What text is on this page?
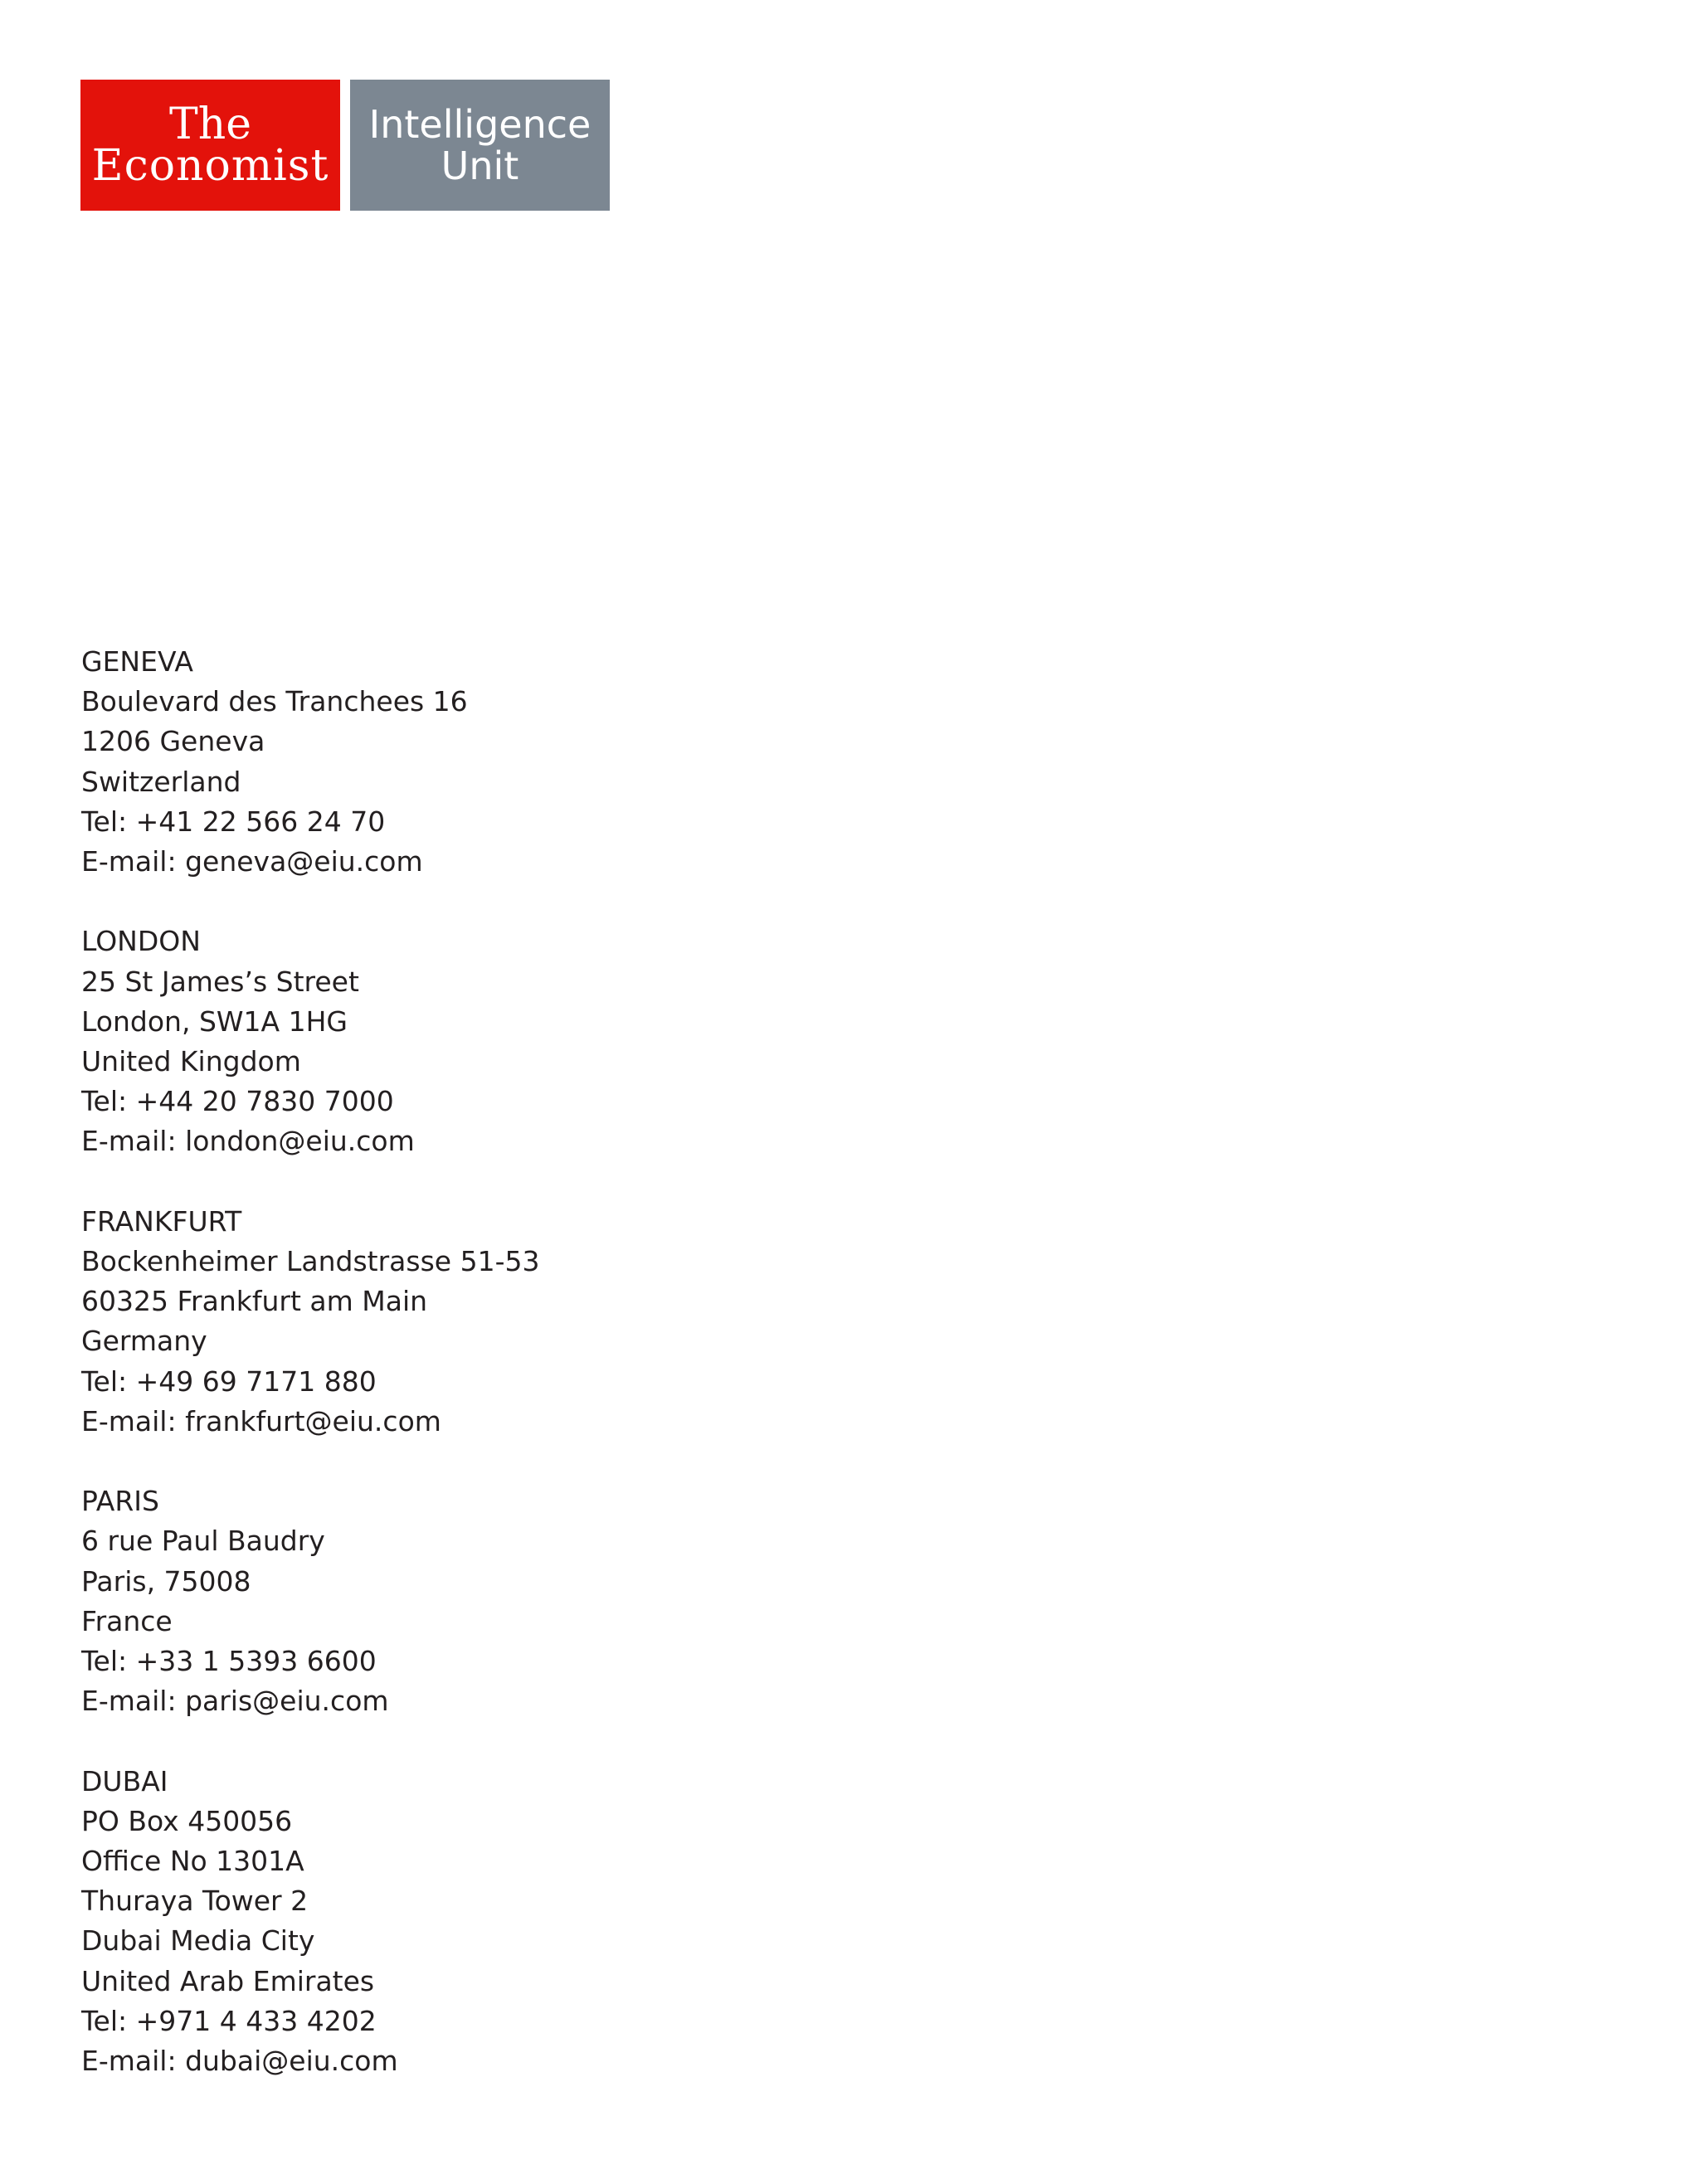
The
Economist
Intelligence
Unit
GENEVA
Boulevard des Tranchees 16
1206 Geneva
Switzerland
Tel: +41 22 566 24 70
E-mail: geneva@eiu.com
LONDON
25 St James’s Street
London, SW1A 1HG
United Kingdom
Tel: +44 20 7830 7000
E-mail: london@eiu.com
FRANKFURT
Bockenheimer Landstrasse 51-53
60325 Frankfurt am Main
Germany
Tel: +49 69 7171 880
E-mail: frankfurt@eiu.com
PARIS
6 rue Paul Baudry
Paris, 75008
France
Tel: +33 1 5393 6600
E-mail: paris@eiu.com
DUBAI
PO Box 450056
Office No 1301A
Thuraya Tower 2
Dubai Media City
United Arab Emirates
Tel: +971 4 433 4202
E-mail: dubai@eiu.com
